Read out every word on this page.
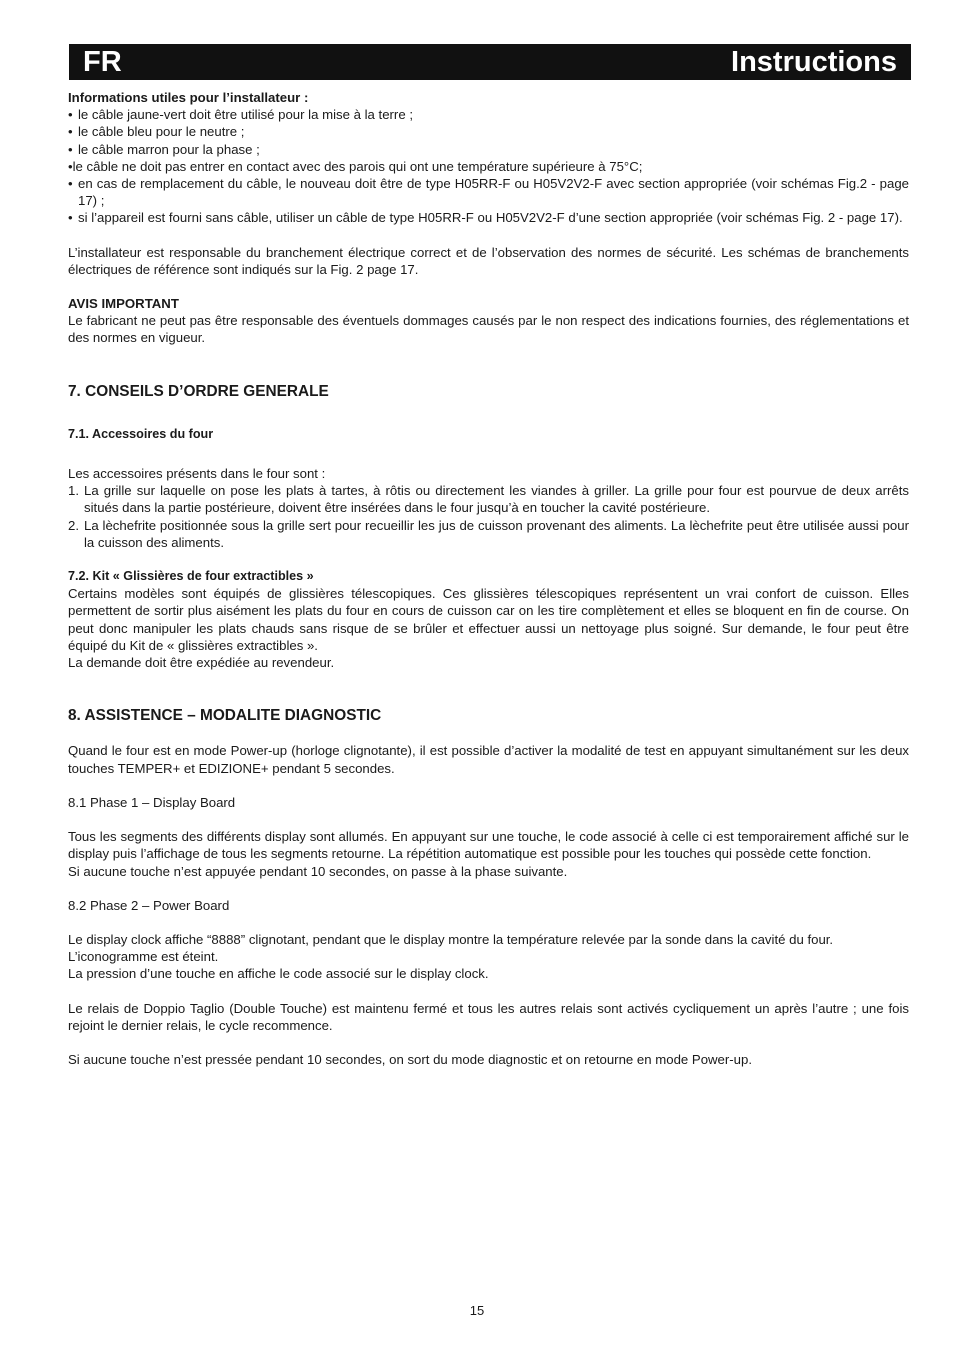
FR	Instructions

Informations utiles pour l’installateur :

• le câble jaune-vert doit être utilisé pour la mise à la terre ;
• le câble bleu pour le neutre ;
• le câble marron pour la phase ;
•le câble ne doit pas entrer en contact avec des parois qui ont une température supérieure à 75°C;
• en cas de remplacement du câble, le nouveau doit être de type H05RR-F ou H05V2V2-F avec section appropriée (voir schémas Fig.2 - page 17) ;
• si l’appareil est fourni sans câble, utiliser un câble de type H05RR-F ou H05V2V2-F d’une section appropriée (voir schémas Fig. 2 - page 17).

L’installateur est responsable du branchement électrique correct et de l’observation des normes de sécurité. Les schémas de branchements électriques de référence sont indiqués sur la Fig. 2 page 17.

AVIS IMPORTANT

Le fabricant ne peut pas être responsable des éventuels dommages causés par le non respect des indications fournies, des réglementations et des normes en vigueur.

7. CONSEILS D’ORDRE GENERALE

7.1. Accessoires du four

Les accessoires présents dans le four sont :

1. La grille sur laquelle on pose les plats à tartes, à rôtis ou directement les viandes à griller. La grille pour four est pourvue de deux arrêts situés dans la partie postérieure, doivent être insérées dans le four jusqu’à en toucher la cavité postérieure.
2. La lèchefrite positionnée sous la grille sert pour recueillir les jus de cuisson provenant des aliments. La lèchefrite peut être utilisée aussi pour la cuisson des aliments.

7.2. Kit « Glissières de four extractibles »

Certains modèles sont équipés de glissières télescopiques. Ces glissières télescopiques représentent un vrai confort de cuisson. Elles permettent de sortir plus aisément les plats du four en cours de cuisson car on les tire complètement et elles se bloquent en fin de course. On peut donc manipuler les plats chauds sans risque de se brûler et effectuer aussi un nettoyage plus soigné. Sur demande, le four peut être équipé du Kit de « glissières extractibles ».

La demande doit être expédiée au revendeur.

8. ASSISTENCE – MODALITE DIAGNOSTIC

Quand le four est en mode Power-up (horloge clignotante), il est possible d’activer la modalité de test en appuyant simultanément sur les deux touches TEMPER+ et EDIZIONE+ pendant 5 secondes.

8.1 Phase 1 – Display Board

Tous les segments des différents display sont allumés. En appuyant sur une touche, le code associé à celle ci est temporairement affiché sur le display puis l’affichage de tous les segments retourne. La répétition automatique est possible pour les touches qui possède cette fonction.

Si aucune touche n’est appuyée pendant 10 secondes, on passe à la phase suivante.

8.2 Phase 2 – Power Board

Le display clock affiche “8888” clignotant, pendant que le display montre la température relevée par la sonde dans la cavité du four.

L’iconogramme est éteint.

La pression d’une touche en affiche le code associé sur le display clock.

Le relais de Doppio Taglio (Double Touche) est maintenu fermé et tous les autres relais sont activés cycliquement un après l’autre ; une fois rejoint le dernier relais, le cycle recommence.

Si aucune touche n’est pressée pendant 10 secondes, on sort du mode diagnostic et on retourne en mode Power-up.

15
